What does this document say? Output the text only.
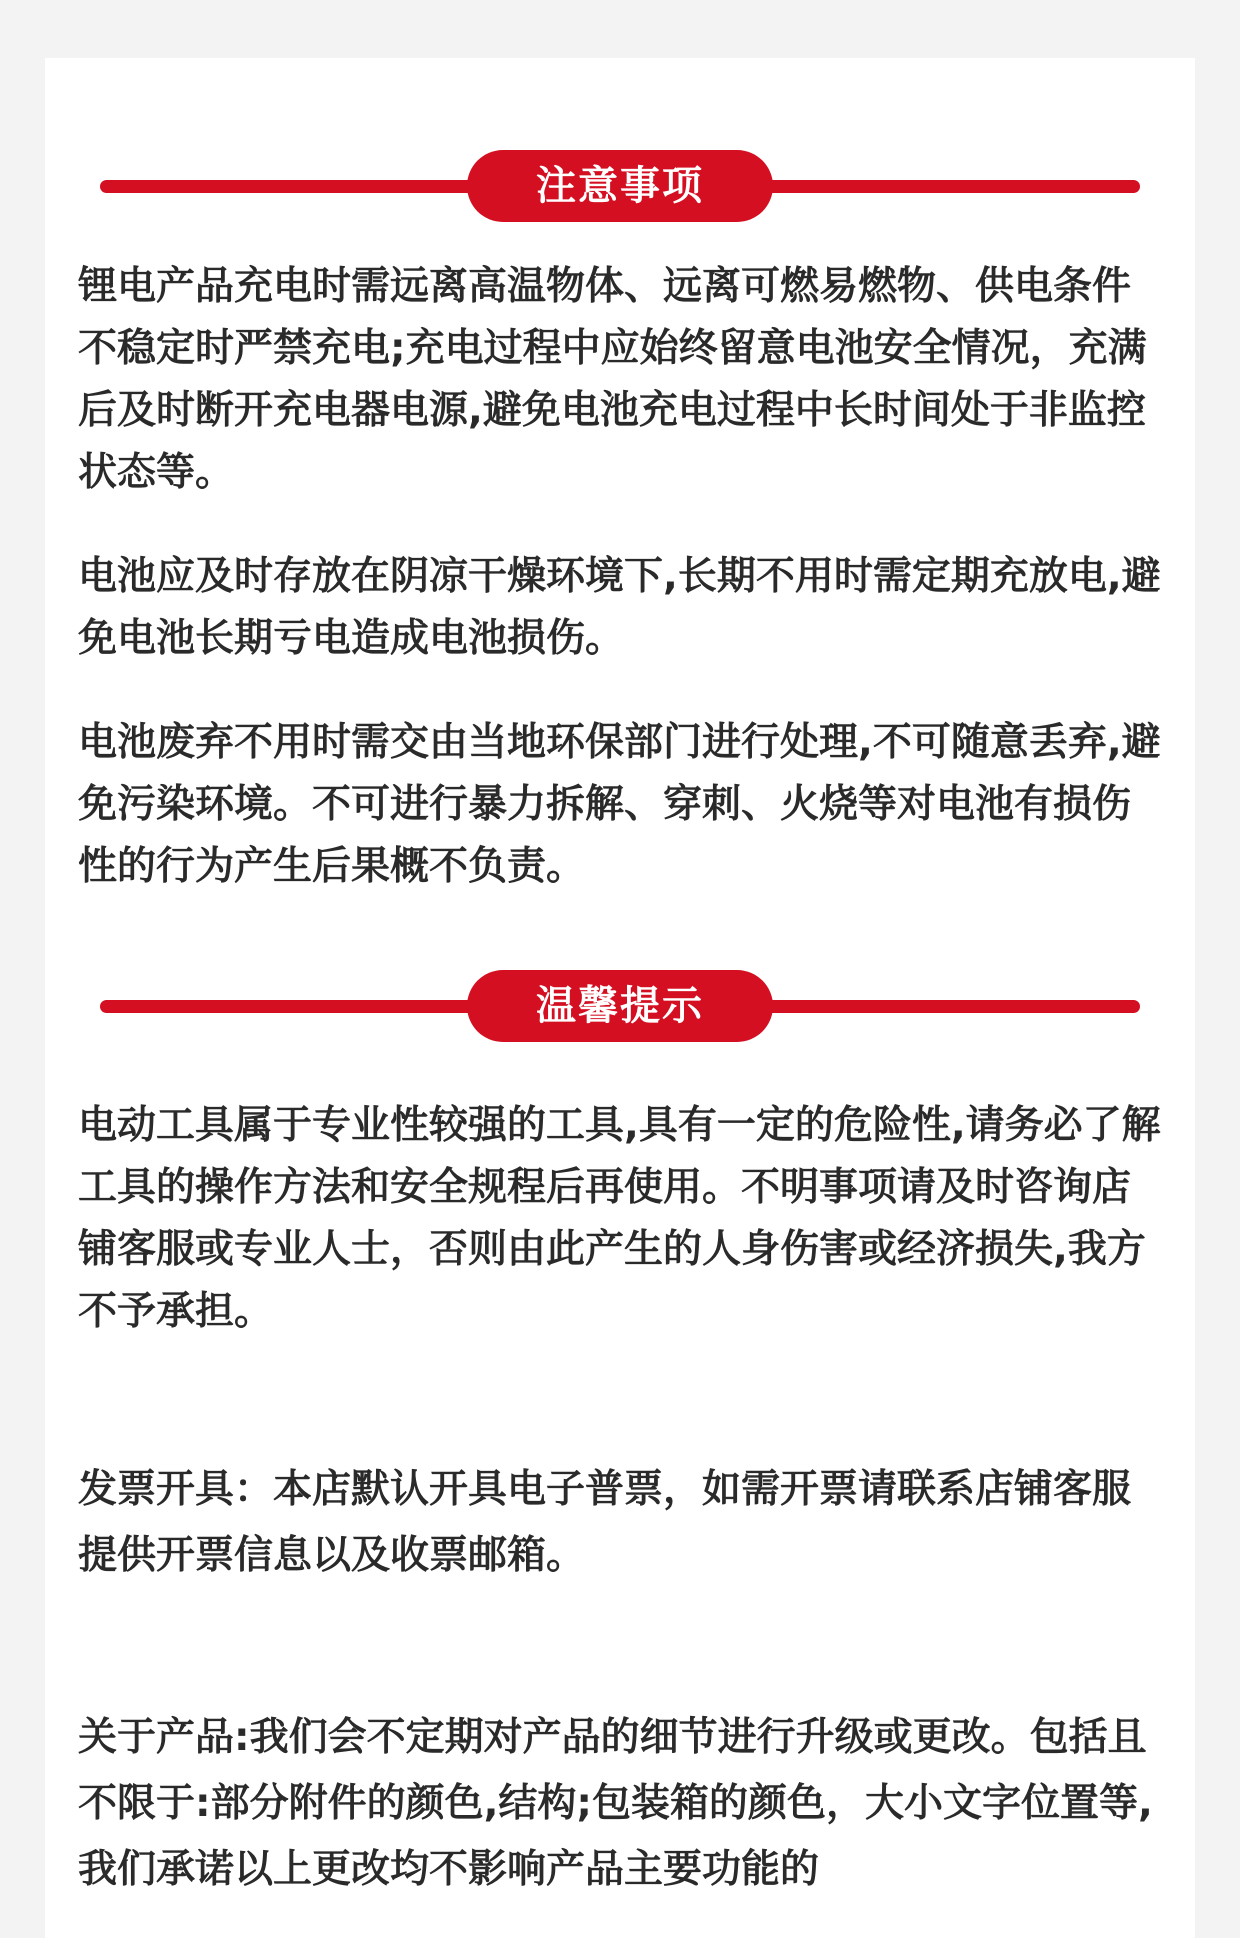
注意事项

锂电产品充电时需远离高温物体、远离可燃易燃物、供电条件不稳定时严禁充电;充电过程中应始终留意电池安全情况，充满后及时断开充电器电源,避免电池充电过程中长时间处于非监控状态等。

电池应及时存放在阴凉干燥环境下,长期不用时需定期充放电,避免电池长期亏电造成电池损伤。

电池废弃不用时需交由当地环保部门进行处理,不可随意丢弃,避免污染环境。不可进行暴力拆解、穿刺、火烧等对电池有损伤性的行为产生后果概不负责。

温馨提示

电动工具属于专业性较强的工具,具有一定的危险性,请务必了解工具的操作方法和安全规程后再使用。不明事项请及时咨询店铺客服或专业人士，否则由此产生的人身伤害或经济损失,我方不予承担。

发票开具：本店默认开具电子普票，如需开票请联系店铺客服提供开票信息以及收票邮箱。

关于产品:我们会不定期对产品的细节进行升级或更改。包括且不限于:部分附件的颜色,结构;包装箱的颜色，大小文字位置等,我们承诺以上更改均不影响产品主要功能的
